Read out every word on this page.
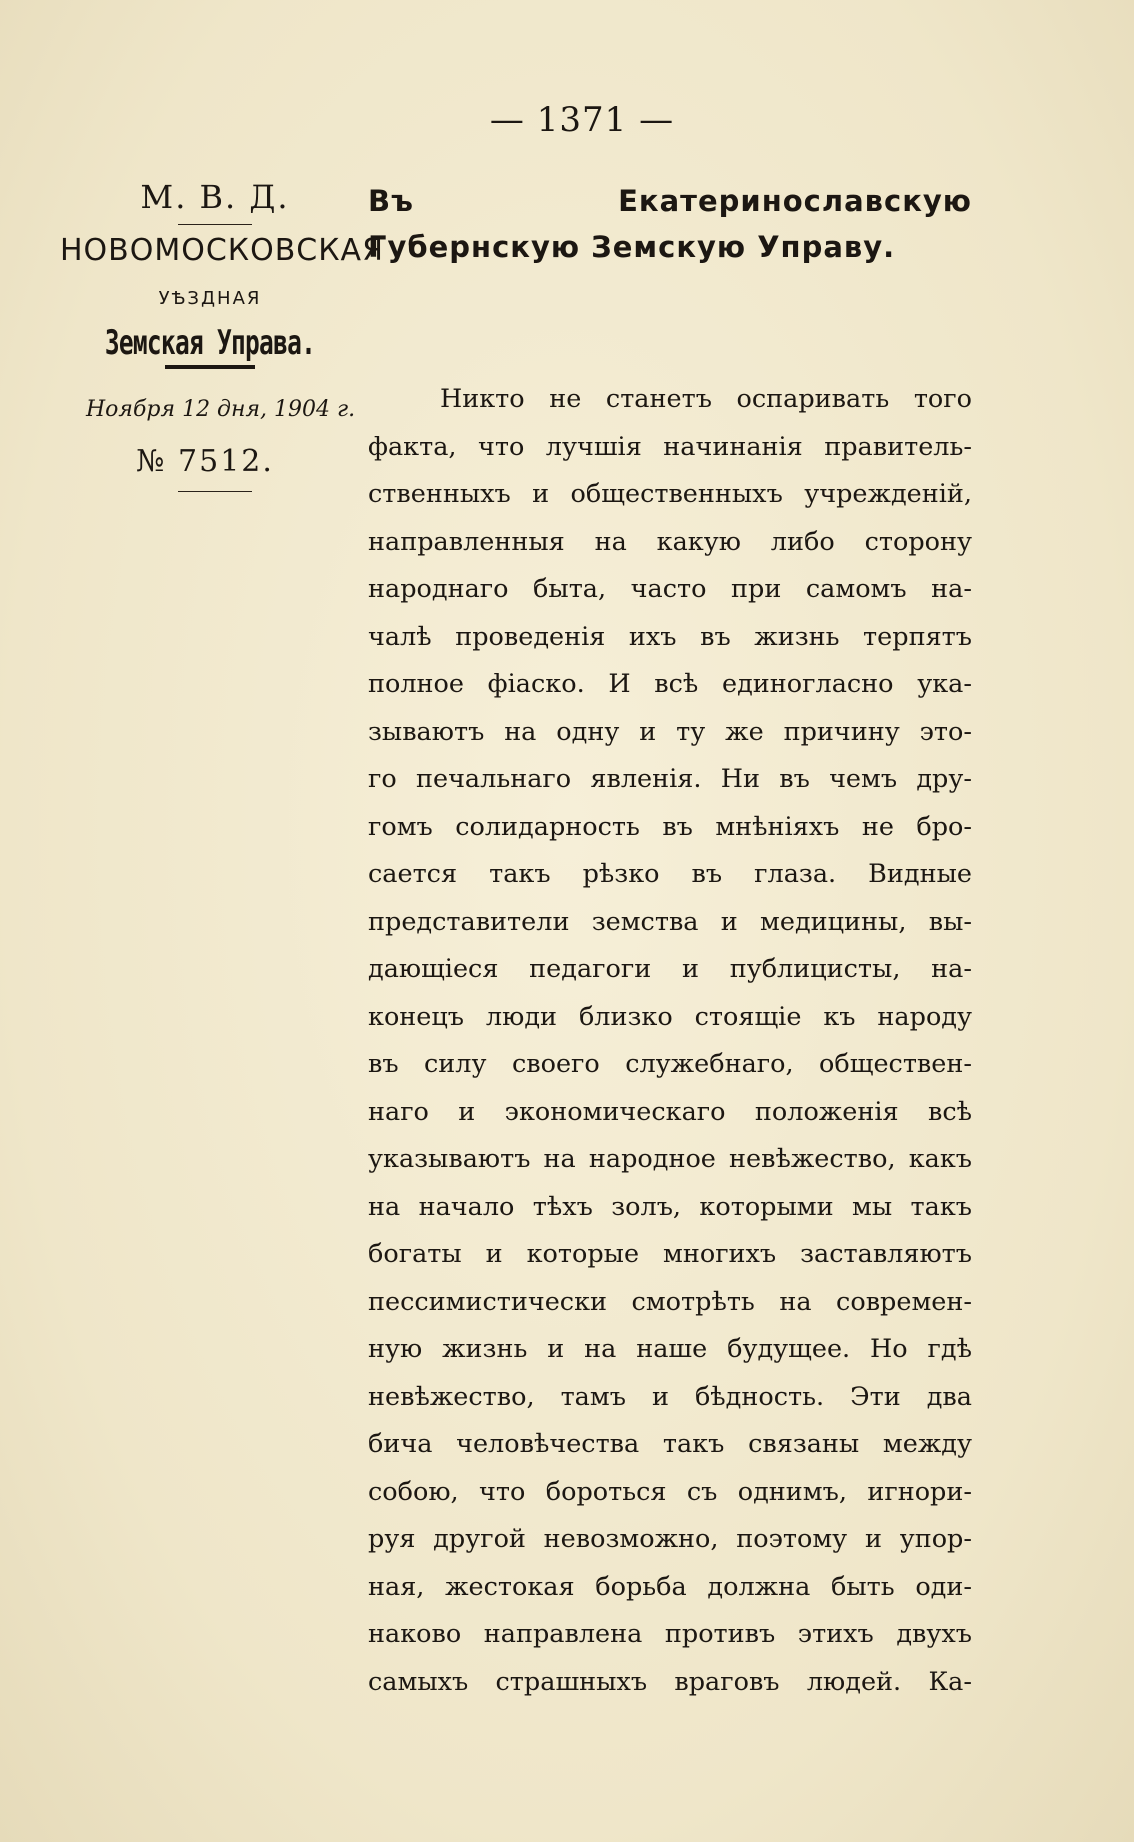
— 1371 —
М. В. Д.
НОВОМОСКОВСКАЯ
УѢЗДНАЯ
Земская Управа.
Ноября 12 дня, 1904 г.
№ 7512.
Въ Екатеринославскую Губернскую Земскую Управу.
Никто не станетъ оспаривать того
факта, что лучшія начинанія правитель-
ственныхъ и общественныхъ учрежденій,
направленныя на какую либо сторону
народнаго быта, часто при самомъ на-
чалѣ проведенія ихъ въ жизнь терпятъ
полное фіаско. И всѣ единогласно ука-
зываютъ на одну и ту же причину это-
го печальнаго явленія. Ни въ чемъ дру-
гомъ солидарность въ мнѣніяхъ не бро-
сается такъ рѣзко въ глаза. Видные
представители земства и медицины, вы-
дающіеся педагоги и публицисты, на-
конецъ люди близко стоящіе къ народу
въ силу своего служебнаго, обществен-
наго и экономическаго положенія всѣ
указываютъ на народное невѣжество, какъ
на начало тѣхъ золъ, которыми мы такъ
богаты и которые многихъ заставляютъ
пессимистически смотрѣть на современ-
ную жизнь и на наше будущее. Но гдѣ
невѣжество, тамъ и бѣдность. Эти два
бича человѣчества такъ связаны между
собою, что бороться съ однимъ, игнори-
руя другой невозможно, поэтому и упор-
ная, жестокая борьба должна быть оди-
наково направлена противъ этихъ двухъ
самыхъ страшныхъ враговъ людей. Ка-
